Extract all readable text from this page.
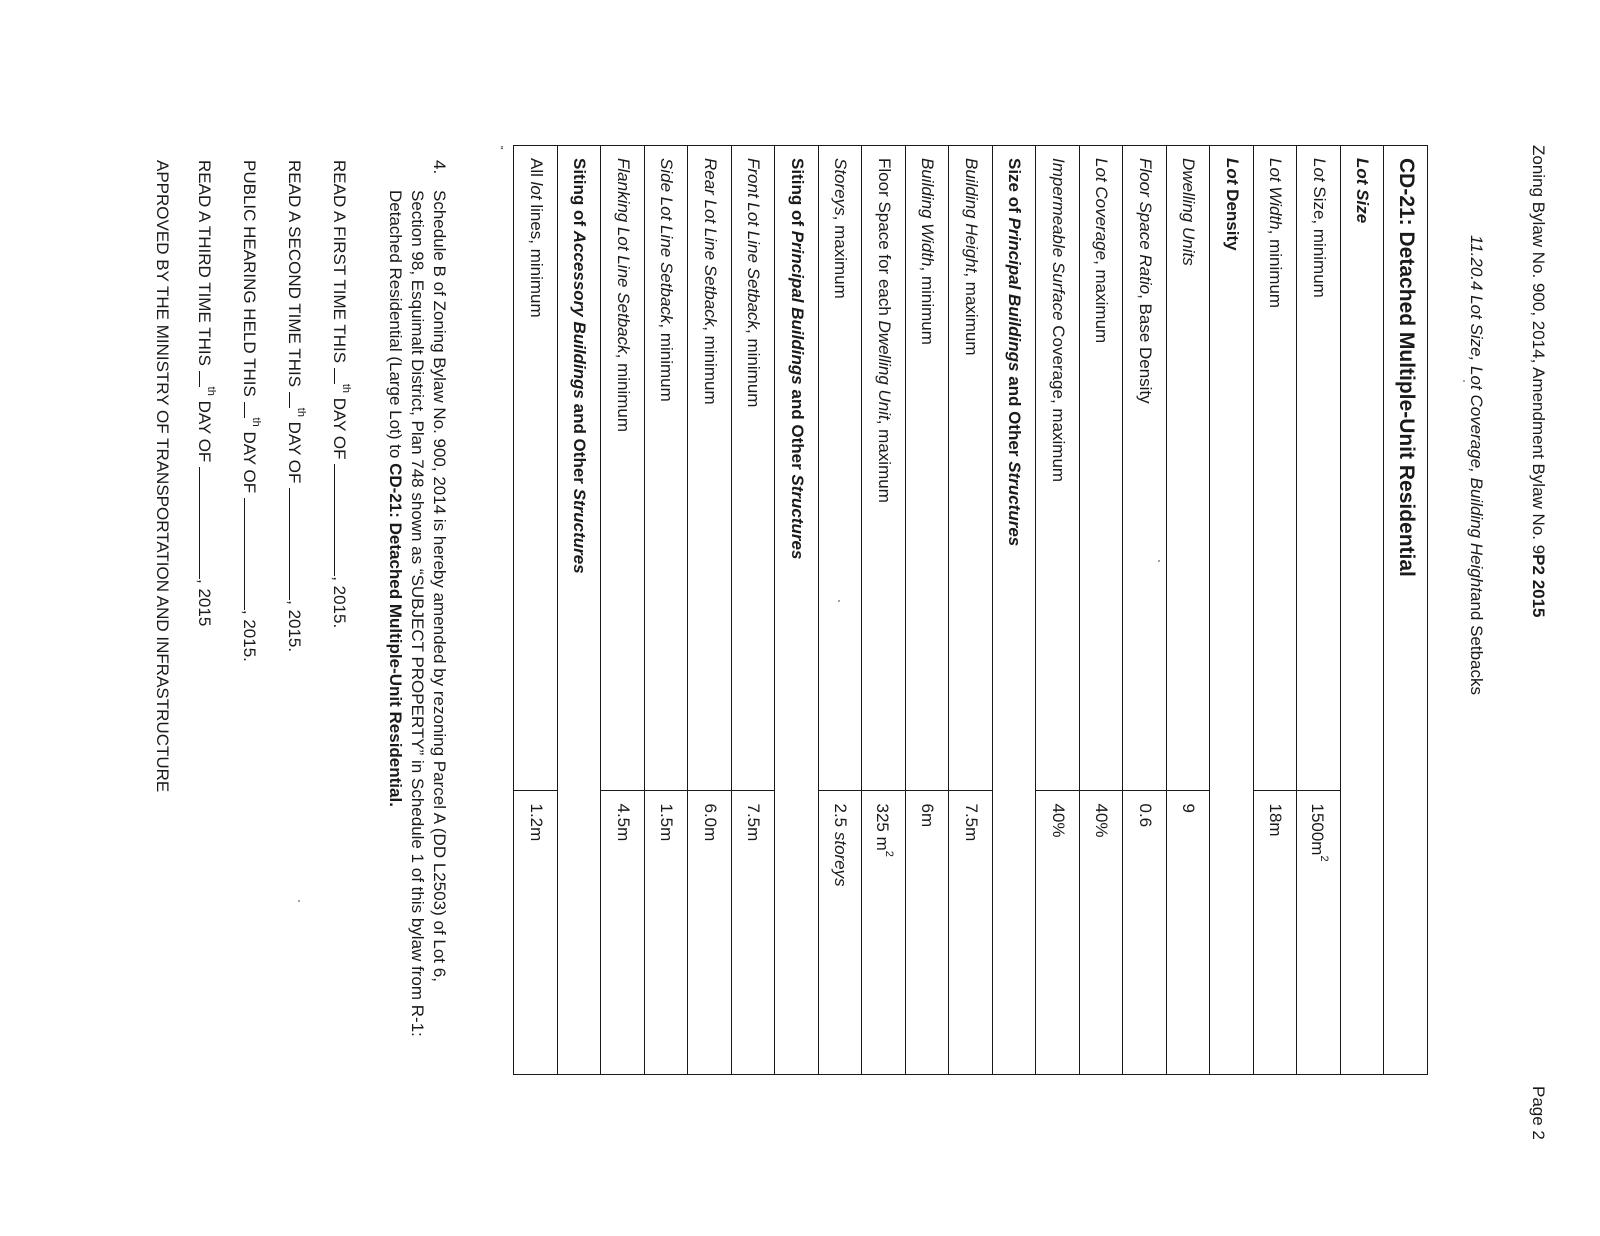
Zoning Bylaw No. 900, 2014, Amendment Bylaw No. 9P2 2015
Page 2
11.20.4 Lot Size, Lot Coverage, Building Heightand Setbacks
CD-21: Detached Multiple-Unit Residential	
Lot Size	
Lot Size, minimum	$1500m^2$
Lot Width, minimum	18m
Lot Density	
Dwelling Units	9
Floor Space Ratio, Base Density	0.6
Lot Coverage, maximum	40%
Impermeable Surface Coverage, maximum	40%
Size of Principal Buildings and Other Structures	
Building Height, maximum	7.5m
Building Width, minimum	6m
Floor Space for each Dwelling Unit, maximum	325 $m^2$
Storeys, maximum	2.5 storeys
Siting of Principal Buildings and Other Structures	
Front Lot Line Setback, minimum	7.5m
Rear Lot Line Setback, minimum	6.0m
Side Lot Line Setback, minimum	1.5m
Flanking Lot Line Setback, minimum	4.5m
Siting of Accessory Buildings and Other Structures	
All lot lines, minimum	1.2m
"
4.
Schedule B of Zoning Bylaw No. 900, 2014 is hereby amended by rezoning Parcel A (DD L2503) of Lot 6, Section 98, Esquimalt District, Plan 748 shown as “SUBJECT PROPERTY” in Schedule 1 of this bylaw from R-1: Detached Residential (Large Lot) to CD-21: Detached Multiple-Unit Residential.
READ A FIRST TIME THIS $^{th}$ DAY OF , 2015.
READ A SECOND TIME THIS $^{th}$ DAY OF , 2015.
PUBLIC HEARING HELD THIS $^{th}$ DAY OF , 2015.
READ A THIRD TIME THIS $^{th}$ DAY OF , 2015
APPROVED BY THE MINISTRY OF TRANSPORTATION AND INFRASTRUCTURE
